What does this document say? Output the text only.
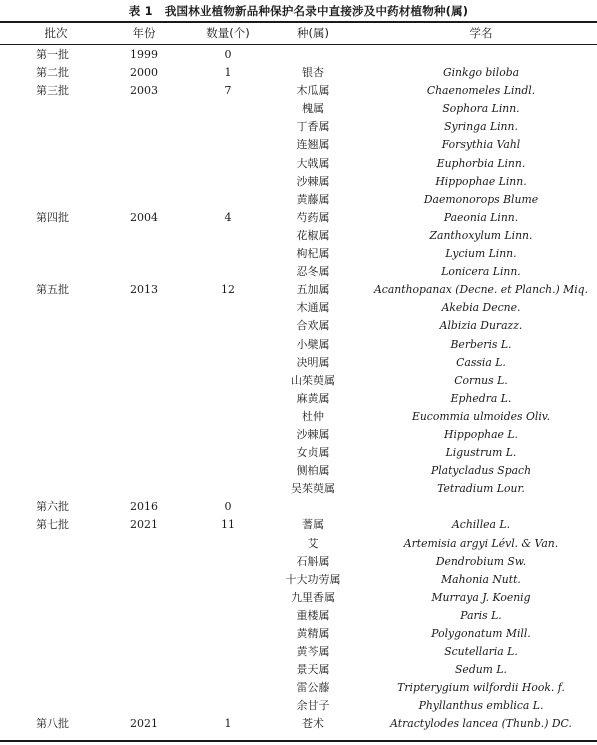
表 1 我国林业植物新品种保护名录中直接涉及中药材植物种(属)
批次	年份	数量(个)	种(属)	学名
第一批	1999	0
第二批	2000	1	银杏	Ginkgo biloba
第三批	2003	7	木瓜属	Chaenomeles Lindl.
槐属	Sophora Linn.
丁香属	Syringa Linn.
连翘属	Forsythia Vahl
大戟属	Euphorbia Linn.
沙棘属	Hippophae Linn.
黄藤属	Daemonorops Blume
第四批	2004	4	芍药属	Paeonia Linn.
花椒属	Zanthoxylum Linn.
枸杞属	Lycium Linn.
忍冬属	Lonicera Linn.
第五批	2013	12	五加属	Acanthopanax (Decne. et Planch.) Miq.
木通属	Akebia Decne.
合欢属	Albizia Durazz.
小檗属	Berberis L.
决明属	Cassia L.
山茱萸属	Cornus L.
麻黄属	Ephedra L.
杜仲	Eucommia ulmoides Oliv.
沙棘属	Hippophae L.
女贞属	Ligustrum L.
侧柏属	Platycladus Spach
吴茱萸属	Tetradium Lour.
第六批	2016	0
第七批	2021	11	蓍属	Achillea L.
艾	Artemisia argyi Lévl. & Van.
石斛属	Dendrobium Sw.
十大功劳属	Mahonia Nutt.
九里香属	Murraya J. Koenig
重楼属	Paris L.
黄精属	Polygonatum Mill.
黄芩属	Scutellaria L.
景天属	Sedum L.
雷公藤	Tripterygium wilfordii Hook. f.
余甘子	Phyllanthus emblica L.
第八批	2021	1	苍术	Atractylodes lancea (Thunb.) DC.
